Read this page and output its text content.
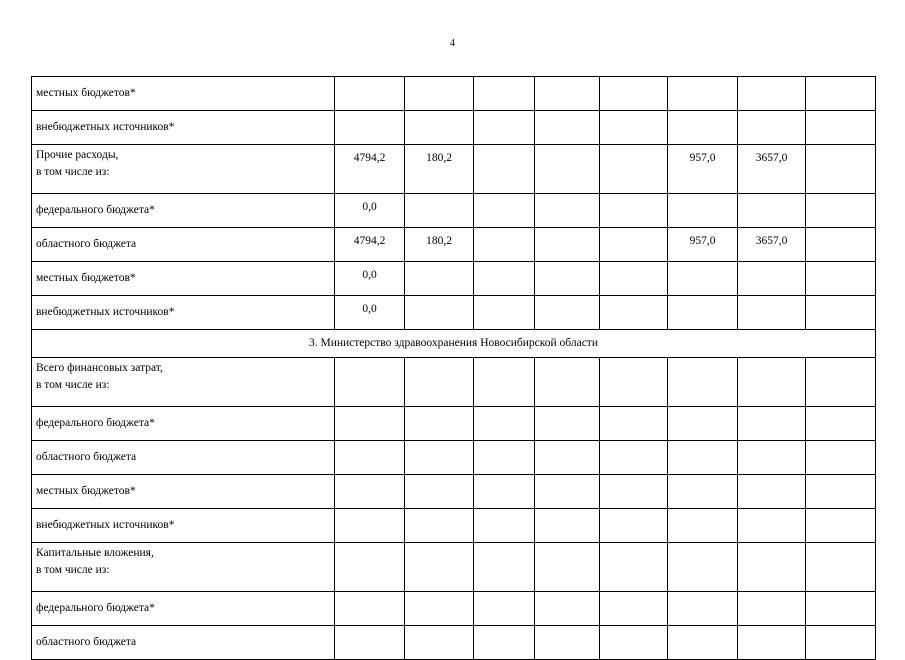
4
местных бюджетов*								

внебюджетных источников*								

Прочие расходы,
в том числе из:	4794,2	180,2				957,0	3657,0	

федерального бюджета*	0,0							

областного бюджета	4794,2	180,2				957,0	3657,0	

местных бюджетов*	0,0							

внебюджетных источников*	0,0							
3. Министерство здравоохранения Новосибирской области								

Всего финансовых затрат,
в том числе из:								

федерального бюджета*								

областного бюджета								

местных бюджетов*								

внебюджетных источников*								

Капитальные вложения,
в том числе из:								

федерального бюджета*								

областного бюджета								
